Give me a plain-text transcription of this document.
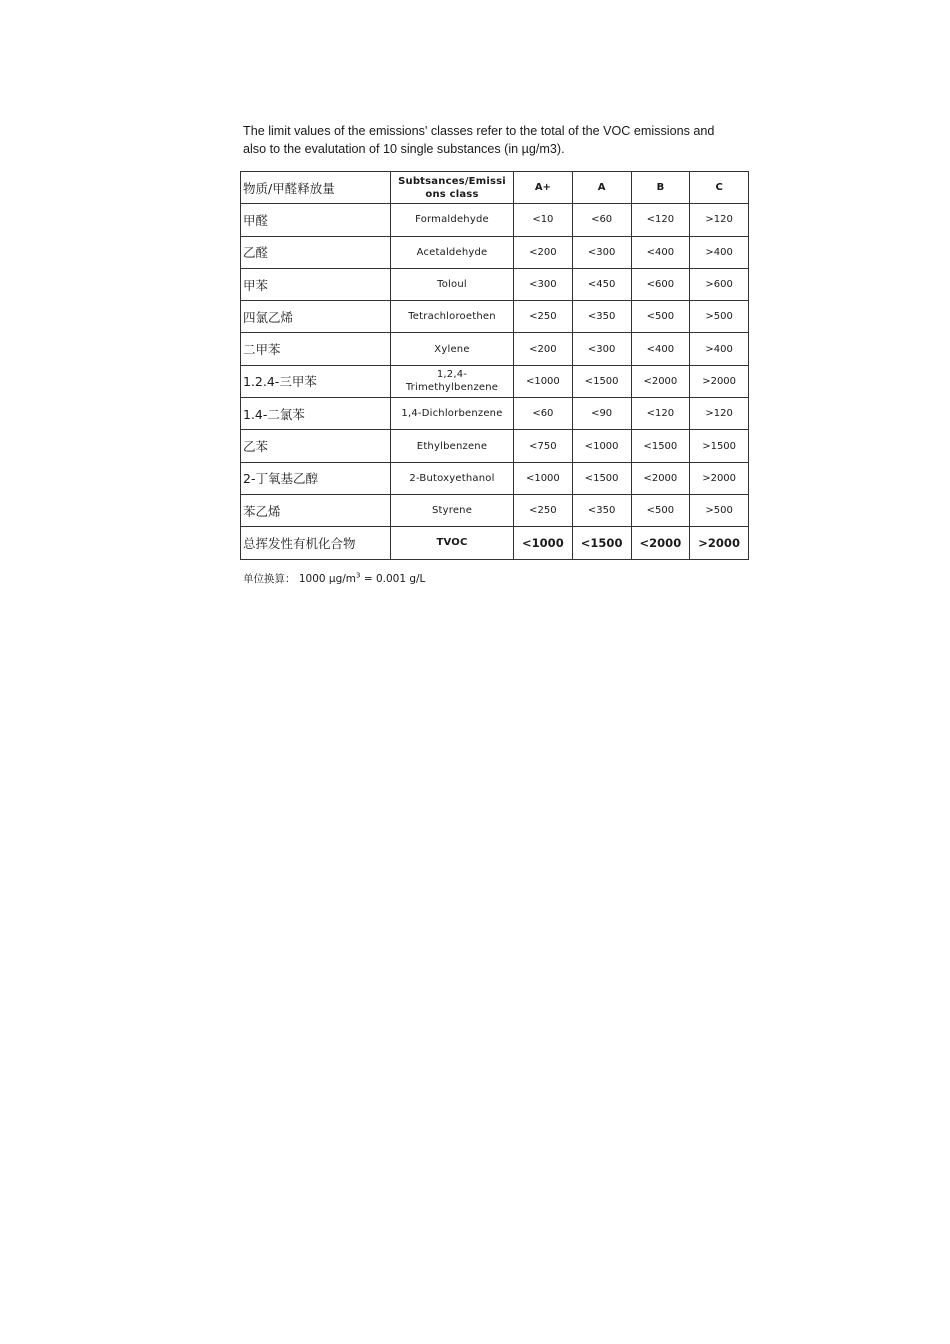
The limit values of the emissions' classes refer to the total of the VOC emissions and

also to the evalutation of 10 single substances (in µg/m3).

物质/甲醛释放量	Subtsances/Emissi
ons class	A+	A	B	C
甲醛	Formaldehyde	<10	<60	<120	>120
乙醛	Acetaldehyde	<200	<300	<400	>400
甲苯	Toloul	<300	<450	<600	>600
四氯乙烯	Tetrachloroethen	<250	<350	<500	>500
二甲苯	Xylene	<200	<300	<400	>400
1.2.4-三甲苯	1,2,4-
Trimethylbenzene	<1000	<1500	<2000	>2000
1.4-二氯苯	1,4-Dichlorbenzene	<60	<90	<120	>120
乙苯	Ethylbenzene	<750	<1000	<1500	>1500
2-丁氧基乙醇	2-Butoxyethanol	<1000	<1500	<2000	>2000
苯乙烯	Styrene	<250	<350	<500	>500
总挥发性有机化合物	TVOC	<1000	<1500	<2000	>2000
单位换算： 1000 $\mu g/m^3 = 0.001$ g/L
